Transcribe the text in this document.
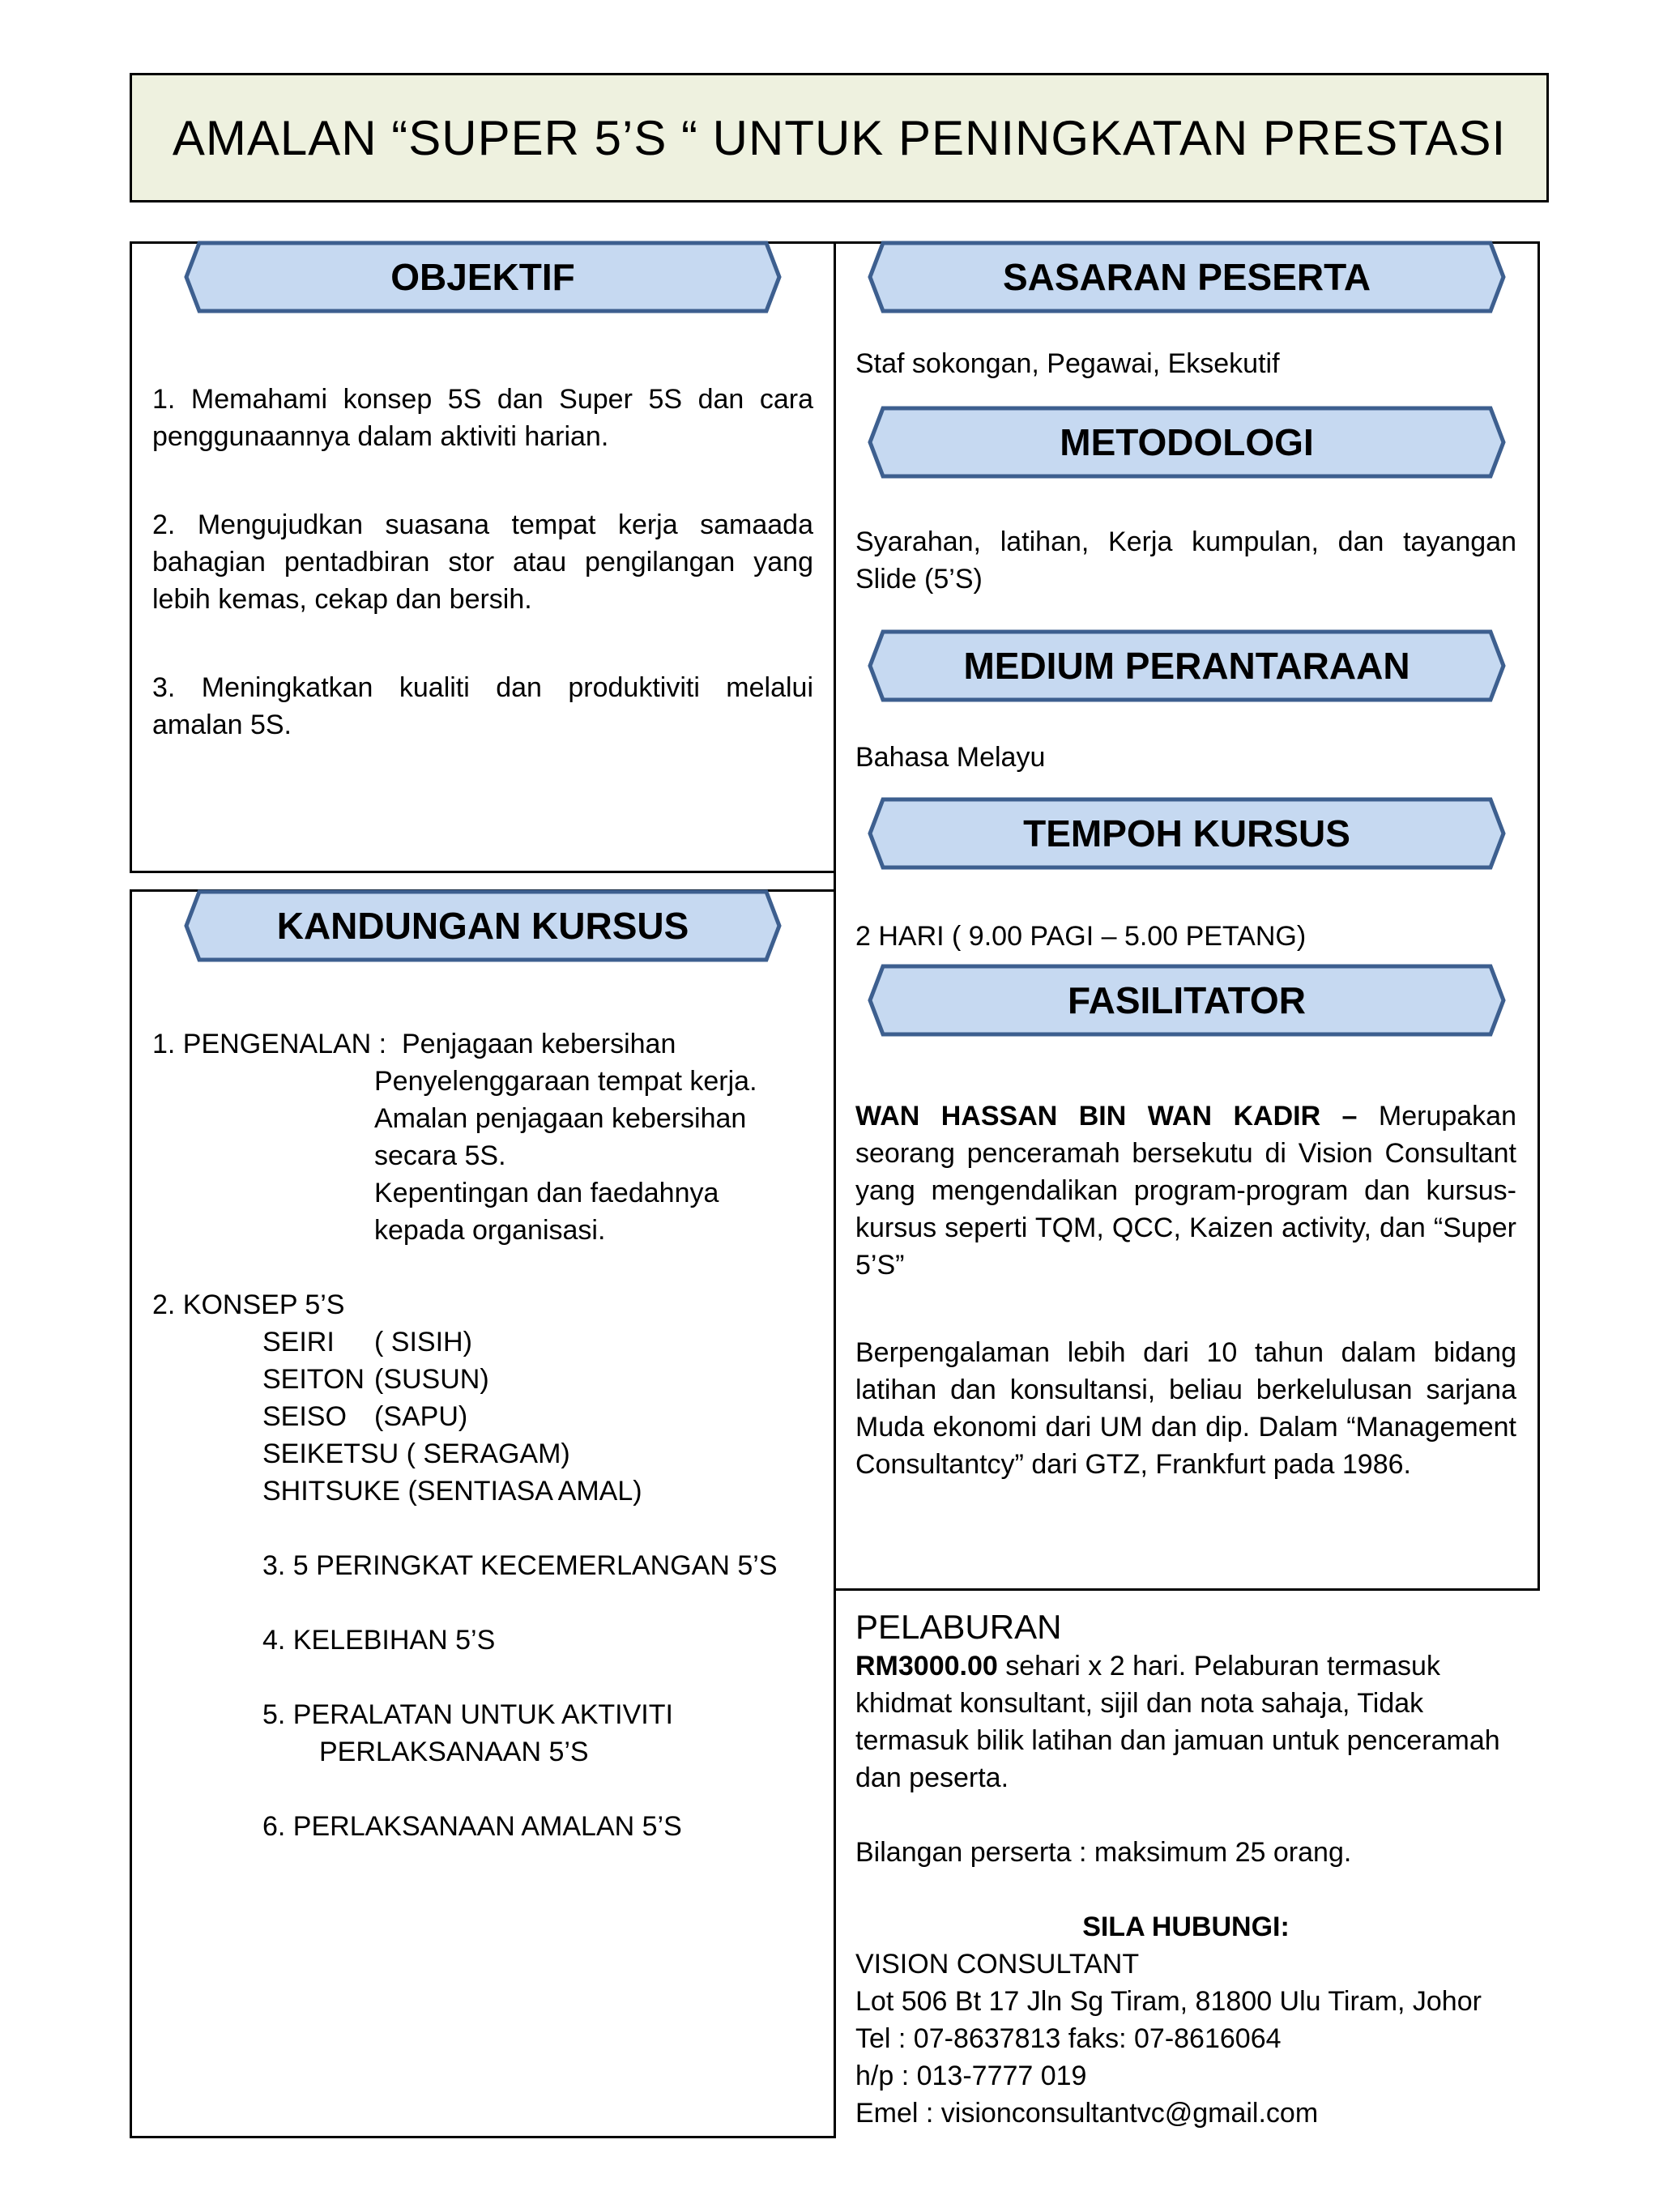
AMALAN “SUPER 5’S “ UNTUK PENINGKATAN PRESTASI
OBJEKTIF
KANDUNGAN KURSUS
SASARAN PESERTA
METODOLOGI
MEDIUM PERANTARAAN
TEMPOH KURSUS
FASILITATOR

1. Memahami konsep 5S dan Super 5S dan cara penggunaannya dalam aktiviti harian.

2. Mengujudkan suasana tempat kerja samaada bahagian pentadbiran stor atau pengilangan yang lebih kemas, cekap dan bersih.

3. Meningkatkan kualiti dan produktiviti melalui amalan 5S.

1. PENGENALAN : Penjagaan kebersihan
Penyelenggaraan tempat kerja.
Amalan penjagaan kebersihan
secara 5S.
Kepentingan dan faedahnya
kepada organisasi.
2. KONSEP 5’S
SEIRI ( SISIH)
SEITON (SUSUN)
SEISO (SAPU)
SEIKETSU ( SERAGAM)
SHITSUKE (SENTIASA AMAL)
3. 5 PERINGKAT KECEMERLANGAN 5’S
4. KELEBIHAN 5’S
5. PERALATAN UNTUK AKTIVITI
PERLAKSANAAN 5’S
6. PERLAKSANAAN AMALAN 5’S
Staf sokongan, Pegawai, Eksekutif
Syarahan, latihan, Kerja kumpulan, dan tayangan Slide (5’S)
Bahasa Melayu
2 HARI ( 9.00 PAGI – 5.00 PETANG)
WAN HASSAN BIN WAN KADIR – Merupakan seorang penceramah bersekutu di Vision Consultant yang mengendalikan program-program dan kursus-kursus seperti TQM, QCC, Kaizen activity, dan “Super 5’S”
Berpengalaman lebih dari 10 tahun dalam bidang latihan dan konsultansi, beliau berkelulusan sarjana Muda ekonomi dari UM dan dip. Dalam “Management Consultantcy” dari GTZ, Frankfurt pada 1986.
PELABURAN
RM3000.00 sehari x 2 hari. Pelaburan termasuk khidmat konsultant, sijil dan nota sahaja, Tidak termasuk bilik latihan dan jamuan untuk penceramah dan peserta.
Bilangan perserta : maksimum 25 orang.
SILA HUBUNGI:
VISION CONSULTANT
Lot 506 Bt 17 Jln Sg Tiram, 81800 Ulu Tiram, Johor
Tel : 07-8637813 faks: 07-8616064
h/p : 013-7777 019
Emel : visionconsultantvc@gmail.com
